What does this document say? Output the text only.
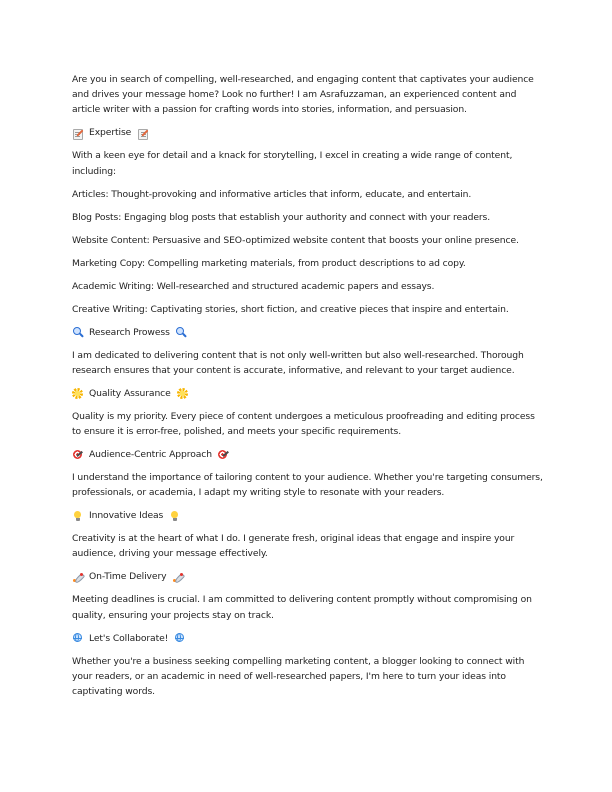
Are you in search of compelling, well-researched, and engaging content that captivates your audience and drives your message home? Look no further! I am Asrafuzzaman, an experienced content and article writer with a passion for crafting words into stories, information, and persuasion.

Expertise

With a keen eye for detail and a knack for storytelling, I excel in creating a wide range of content, including:

Articles: Thought-provoking and informative articles that inform, educate, and entertain.

Blog Posts: Engaging blog posts that establish your authority and connect with your readers.

Website Content: Persuasive and SEO-optimized website content that boosts your online presence.

Marketing Copy: Compelling marketing materials, from product descriptions to ad copy.

Academic Writing: Well-researched and structured academic papers and essays.

Creative Writing: Captivating stories, short fiction, and creative pieces that inspire and entertain.

Research Prowess

I am dedicated to delivering content that is not only well-written but also well-researched. Thorough research ensures that your content is accurate, informative, and relevant to your target audience.

Quality Assurance

Quality is my priority. Every piece of content undergoes a meticulous proofreading and editing process to ensure it is error-free, polished, and meets your specific requirements.

Audience-Centric Approach

I understand the importance of tailoring content to your audience. Whether you're targeting consumers, professionals, or academia, I adapt my writing style to resonate with your readers.

Innovative Ideas

Creativity is at the heart of what I do. I generate fresh, original ideas that engage and inspire your audience, driving your message effectively.

On-Time Delivery

Meeting deadlines is crucial. I am committed to delivering content promptly without compromising on quality, ensuring your projects stay on track.

Let's Collaborate!

Whether you're a business seeking compelling marketing content, a blogger looking to connect with your readers, or an academic in need of well-researched papers, I'm here to turn your ideas into captivating words.
